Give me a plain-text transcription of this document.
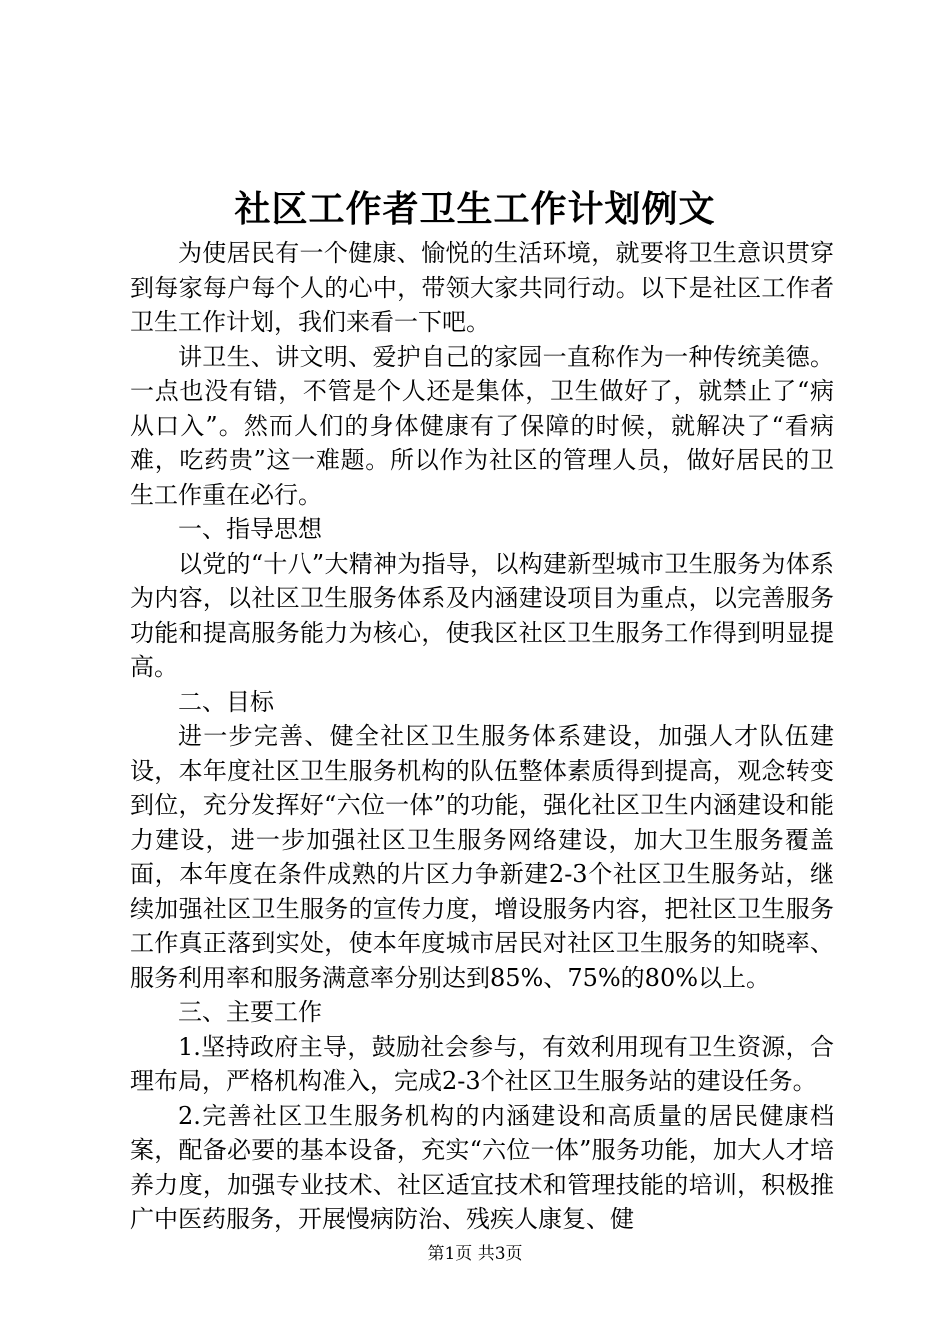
社区工作者卫生工作计划例文

为使居民有一个健康、愉悦的生活环境，就要将卫生意识贯穿到每家每户每个人的心中，带领大家共同行动。以下是社区工作者卫生工作计划，我们来看一下吧。

讲卫生、讲文明、爱护自己的家园一直称作为一种传统美德。一点也没有错，不管是个人还是集体，卫生做好了，就禁止了“病从口入”。然而人们的身体健康有了保障的时候，就解决了“看病难，吃药贵”这一难题。所以作为社区的管理人员，做好居民的卫生工作重在必行。

一、指导思想

以党的“十八”大精神为指导，以构建新型城市卫生服务为体系为内容，以社区卫生服务体系及内涵建设项目为重点，以完善服务功能和提高服务能力为核心，使我区社区卫生服务工作得到明显提高。

二、目标

进一步完善、健全社区卫生服务体系建设，加强人才队伍建设，本年度社区卫生服务机构的队伍整体素质得到提高，观念转变到位，充分发挥好“六位一体”的功能，强化社区卫生内涵建设和能力建设，进一步加强社区卫生服务网络建设，加大卫生服务覆盖面，本年度在条件成熟的片区力争新建2-3个社区卫生服务站，继续加强社区卫生服务的宣传力度，增设服务内容，把社区卫生服务工作真正落到实处，使本年度城市居民对社区卫生服务的知晓率、服务利用率和服务满意率分别达到85%、75%的80%以上。

三、主要工作

1.坚持政府主导，鼓励社会参与，有效利用现有卫生资源，合理布局，严格机构准入，完成2-3个社区卫生服务站的建设任务。

2.完善社区卫生服务机构的内涵建设和高质量的居民健康档案，配备必要的基本设备，充实“六位一体”服务功能，加大人才培养力度，加强专业技术、社区适宜技术和管理技能的培训，积极推广中医药服务，开展慢病防治、残疾人康复、健

第1页 共3页
